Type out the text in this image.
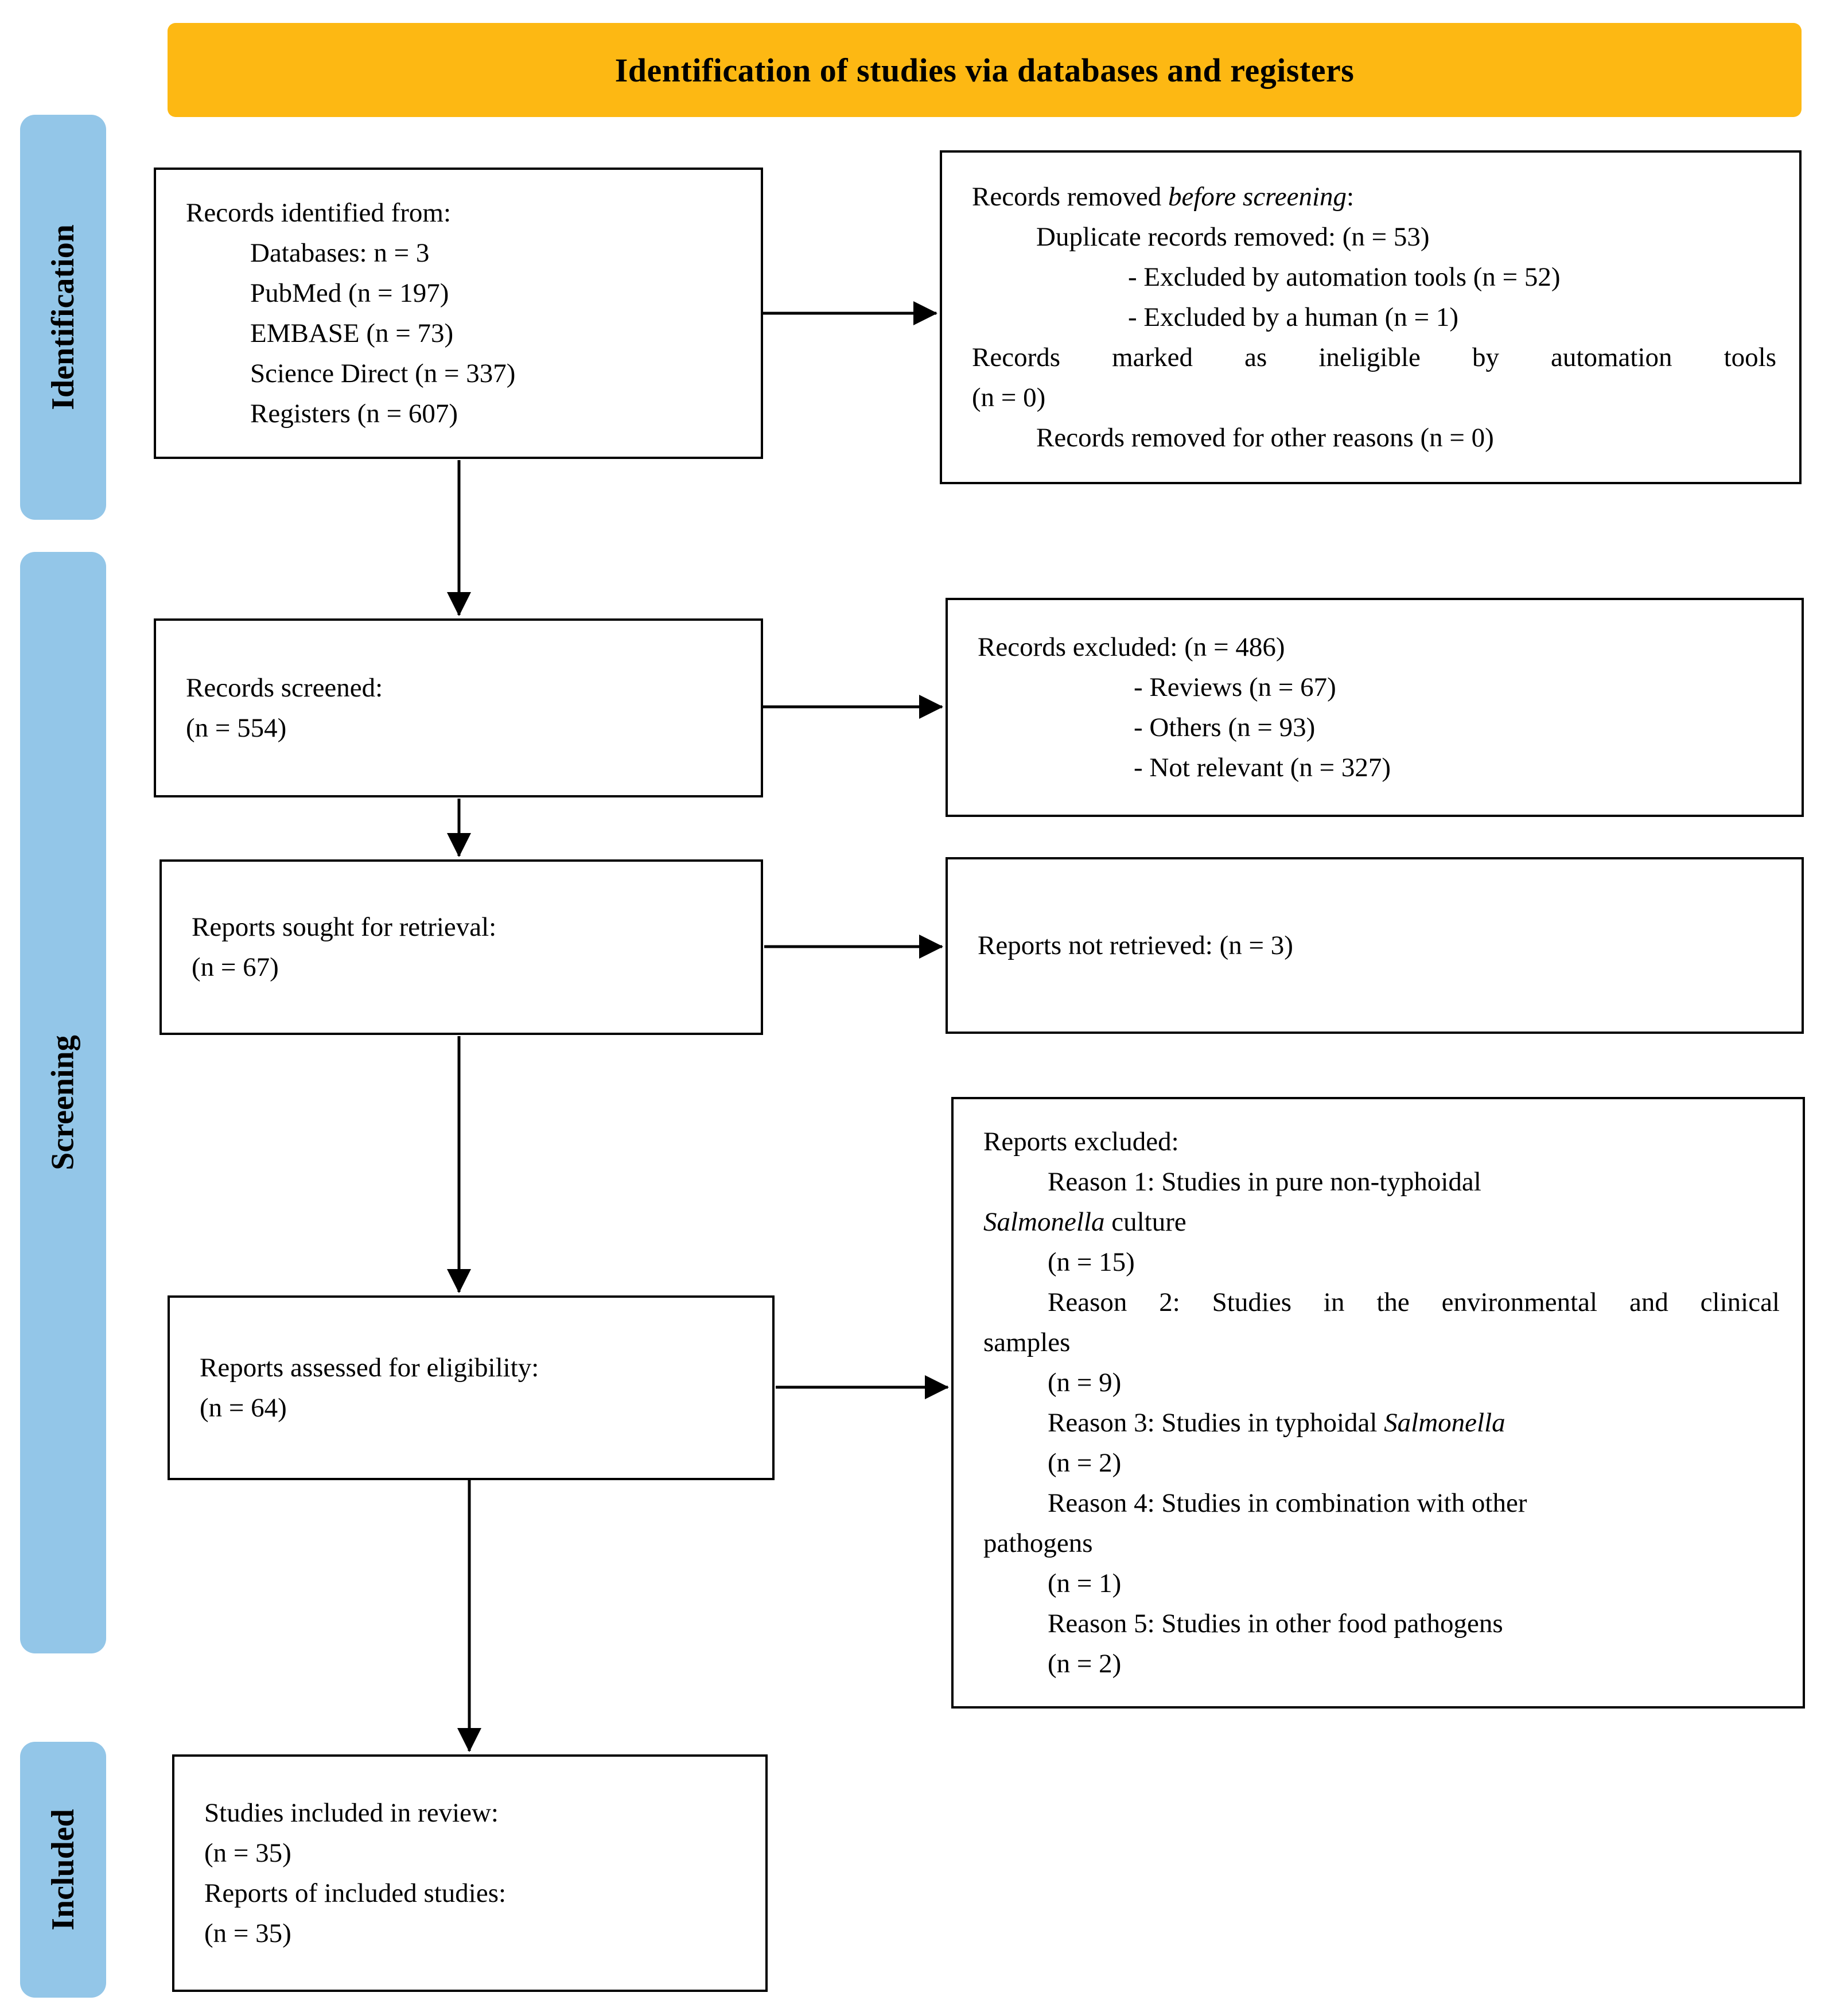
Identification of studies via databases and registers
Identification
Screening
Included
Records identified from:
Databases: n = 3
PubMed (n = 197)
EMBASE (n = 73)
Science Direct (n = 337)
Registers (n = 607)
Records removed before screening:
Duplicate records removed: (n = 53)
- Excluded by automation tools (n = 52)
- Excluded by a human (n = 1)
Records marked as ineligible by automation tools
(n = 0)
Records removed for other reasons (n = 0)
Records screened:
(n = 554)
Records excluded: (n = 486)
- Reviews (n = 67)
- Others (n = 93)
- Not relevant (n = 327)
Reports sought for retrieval:
(n = 67)
Reports not retrieved: (n = 3)
Reports assessed for eligibility:
(n = 64)
Reports excluded:
Reason 1: Studies in pure non-typhoidal
Salmonella culture
(n = 15)
Reason 2: Studies in the environmental and clinical
samples
(n = 9)
Reason 3: Studies in typhoidal Salmonella
(n = 2)
Reason 4: Studies in combination with other
pathogens
(n = 1)
Reason 5: Studies in other food pathogens
(n = 2)
Studies included in review:
(n = 35)
Reports of included studies:
(n = 35)
